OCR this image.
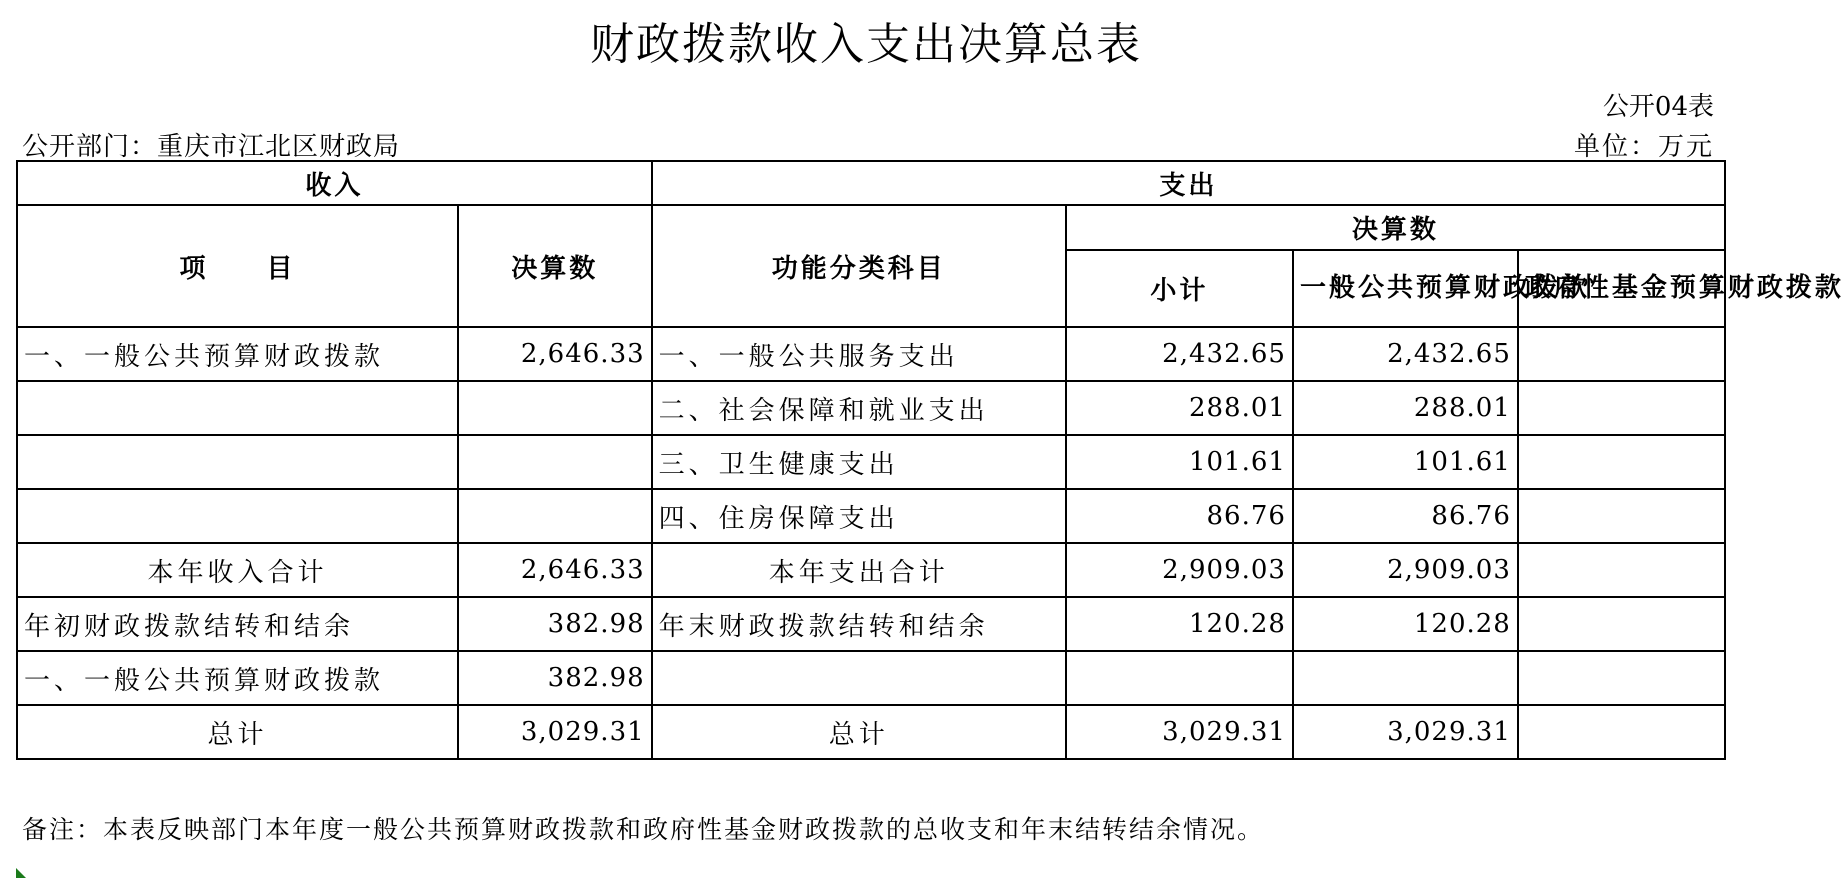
财政拨款收入支出决算总表
公开04表
公开部门：重庆市江北区财政局	单位：万元
收入		支出			
项　　目	决算数	功能分类科目	决算数		
			小计	一般公共预算财政拨款	政府性基金预算财政拨款
一、一般公共预算财政拨款	2,646.33	一、一般公共服务支出	2,432.65	2,432.65	
		二、社会保障和就业支出	288.01	288.01	
		三、卫生健康支出	101.61	101.61	
		四、住房保障支出	86.76	86.76	
本年收入合计	2,646.33	本年支出合计	2,909.03	2,909.03	
年初财政拨款结转和结余	382.98	年末财政拨款结转和结余	120.28	120.28	
一、一般公共预算财政拨款	382.98				
总计	3,029.31	总计	3,029.31	3,029.31	
备注：本表反映部门本年度一般公共预算财政拨款和政府性基金财政拨款的总收支和年末结转结余情况。
